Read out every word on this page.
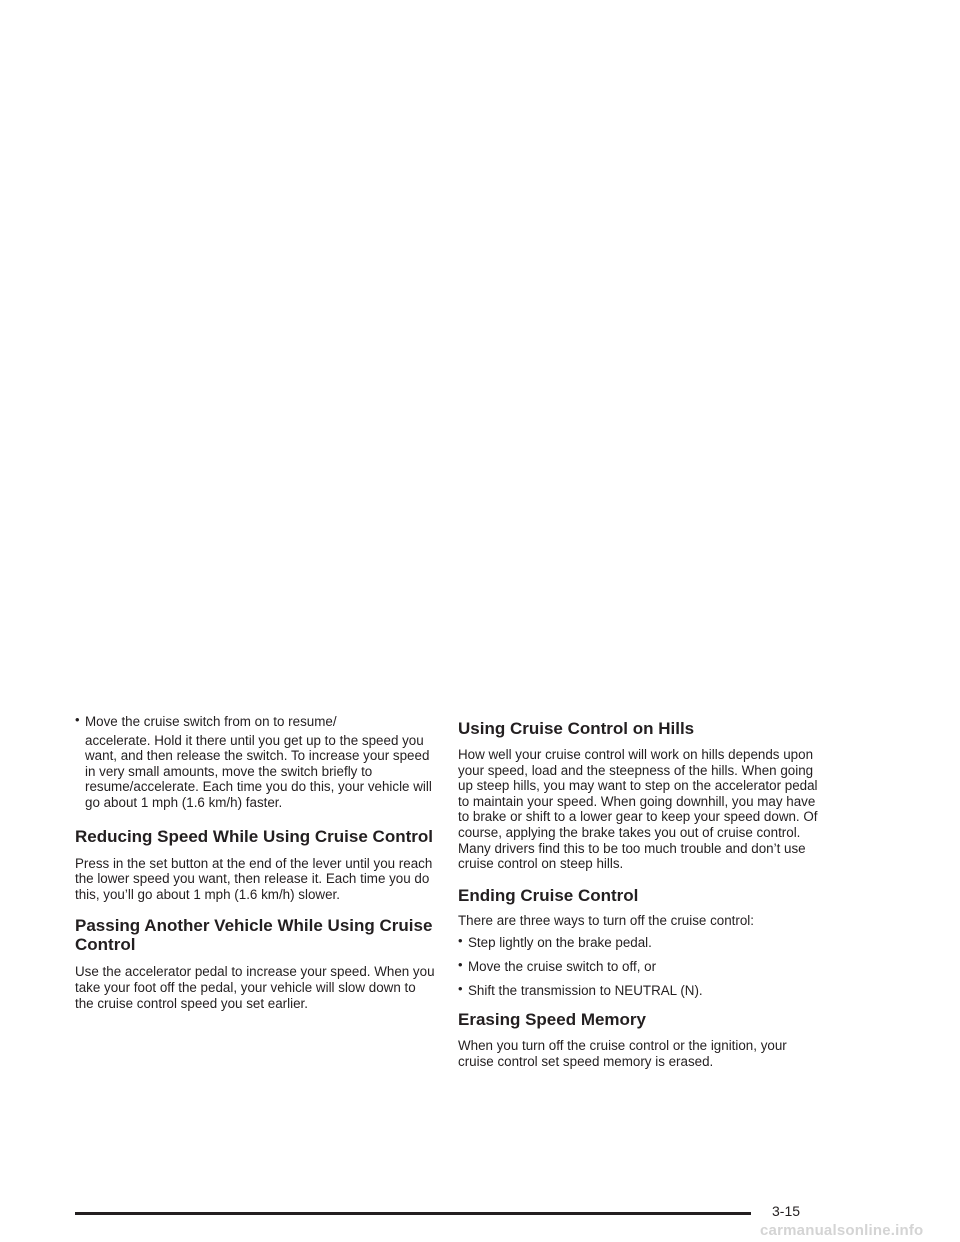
• Move the cruise switch from on to resume/
accelerate. Hold it there until you get up to the speed you want, and then release the switch. To increase your speed in very small amounts, move the switch briefly to resume/accelerate. Each time you do this, your vehicle will go about 1 mph (1.6 km/h) faster.
Reducing Speed While Using Cruise Control

Press in the set button at the end of the lever until you reach the lower speed you want, then release it. Each time you do this, you’ll go about 1 mph (1.6 km/h) slower.

Passing Another Vehicle While Using Cruise Control

Use the accelerator pedal to increase your speed. When you take your foot off the pedal, your vehicle will slow down to the cruise control speed you set earlier.

Using Cruise Control on Hills

How well your cruise control will work on hills depends upon your speed, load and the steepness of the hills. When going up steep hills, you may want to step on the accelerator pedal to maintain your speed. When going downhill, you may have to brake or shift to a lower gear to keep your speed down. Of course, applying the brake takes you out of cruise control. Many drivers find this to be too much trouble and don’t use cruise control on steep hills.

Ending Cruise Control

There are three ways to turn off the cruise control:

• Step lightly on the brake pedal.
• Move the cruise switch to off, or
• Shift the transmission to NEUTRAL (N).
Erasing Speed Memory

When you turn off the cruise control or the ignition, your cruise control set speed memory is erased.

3-15
carmanualsonline.info
